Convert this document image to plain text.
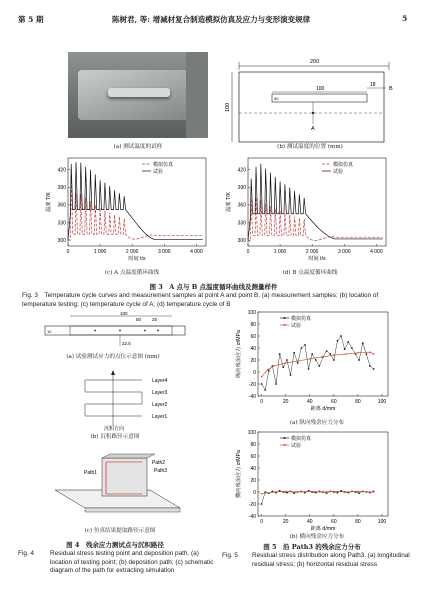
第 5 期	陈树君, 等: 增减材复合制造模拟仿真及应力与变形演变规律	5
(a) 测试温度的试样
200
100
100
50
18
A
B
(b) 测试温度的位置 (mm)
0	1 000	2 000	3 000	4 000
300
330
360
390
420
时间 t/s
温度 T/K
模拟仿真
试验
(c) A 点温度循环曲线
0	1 000	2 000	3 000	4 000
300
330
360
390
420
时间 t/s
温度 T/K
模拟仿真
试验
(d) B 点温度循环曲线
图 3　A 点与 B 点温度循环曲线及测量样件
Fig. 3　Temperature cycle curves and measurement samples at point A and point B. (a) measurement samples; (b) location of temperature testing; (c) temperature cycle of A; (d) temperature cycle of B
100
50 25
10
22.5
(a) 试验测试应力的点位示意图 (mm)
Layer4
Layer3
Layer2
Layer1
沉积方向
(b) 沉积路径示意图
Path1
Path2
Path3
(c) 仿真结果提取路径示意图
图 4　残余应力测试点与沉积路径
Fig. 4	Residual stress testing point and deposition path. (a) location of testing point; (b) deposition path; (c) schematic diagram of the path for extracting simulation
0	20	40	60	80	100
-40
-20
0
20
40
60
80
100
距离 d/mm
纵向残余应力 σ/MPa
模拟仿真
试验
(a) 纵向残余应力分布
0	20	40	60	80	100
-40
-20
0
20
40
60
80
100
距离 d/mm
横向残余应力 σ/MPa
模拟仿真
试验
(b) 横向残余应力分布
图 5　沿 Path3 的残余应力分布
Fig. 5	Residual stress distribution along Path3. (a) longitudinal residual stress; (b) horizontal residual stress
